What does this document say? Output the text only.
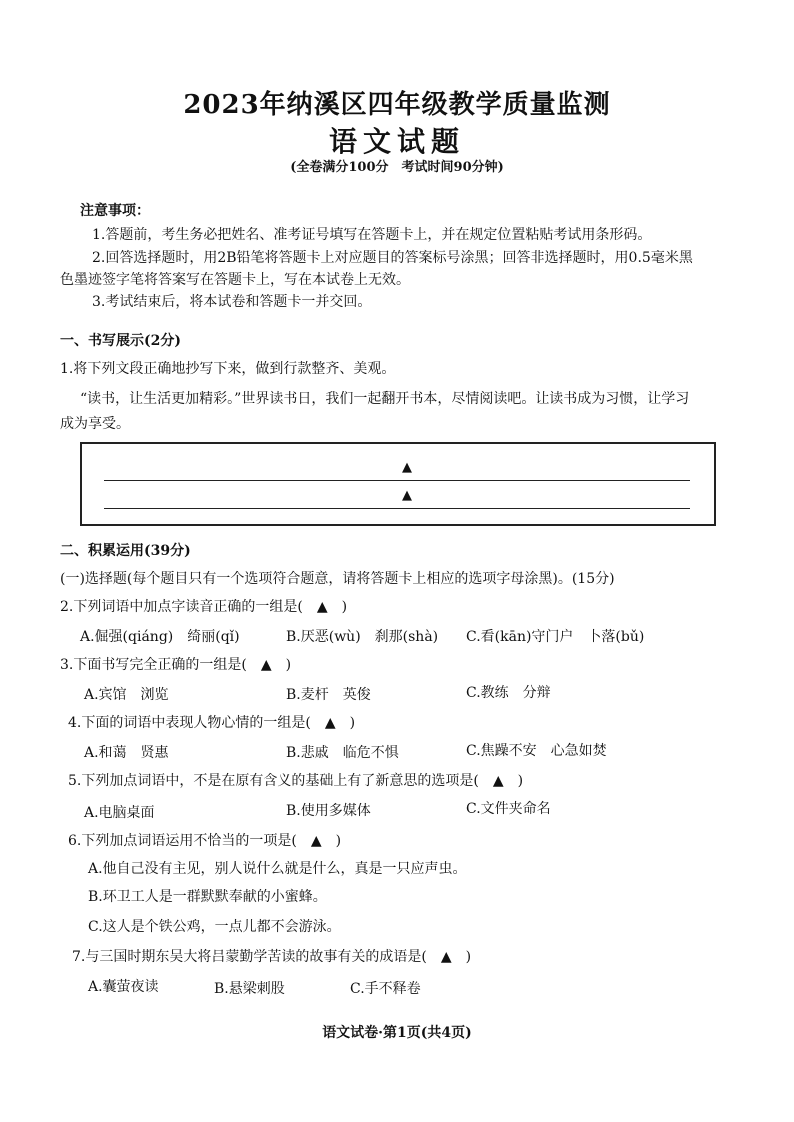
2023年纳溪区四年级教学质量监测
语文试题
(全卷满分100分　考试时间90分钟)
注意事项：
1.答题前，考生务必把姓名、准考证号填写在答题卡上，并在规定位置粘贴考试用条形码。
2.回答选择题时，用2B铅笔将答题卡上对应题目的答案标号涂黑；回答非选择题时，用0.5毫米黑
色墨迹签字笔将答案写在答题卡上，写在本试卷上无效。
3.考试结束后，将本试卷和答题卡一并交回。
一、书写展示(2分)
1.将下列文段正确地抄写下来，做到行款整齐、美观。
“读书，让生活更加精彩。”世界读书日，我们一起翻开书本，尽情阅读吧。让读书成为习惯，让学习
成为享受。
▲
▲
二、积累运用(39分)
(一)选择题(每个题目只有一个选项符合题意，请将答题卡上相应的选项字母涂黑)。(15分)
2.下列词语中加点字读音正确的一组是(　▲　)
A.倔强(qiáng)　绮丽(qǐ)	B.厌恶(wù)　刹那(shà) C.看(kān)守门户　卜落(bǔ)
3.下面书写完全正确的一组是(　▲　)
A.宾馆　浏览	B.麦杆　英俊	C.教练　分辩
4.下面的词语中表现人物心情的一组是(　▲　)
A.和蔼　贤惠	B.悲戚　临危不惧	C.焦躁不安　心急如焚
5.下列加点词语中，不是在原有含义的基础上有了新意思的选项是(　▲　)
A.电脑桌面	B.使用多媒体	C.文件夹命名
6.下列加点词语运用不恰当的一项是(　▲　)
A.他自己没有主见，别人说什么就是什么，真是一只应声虫。
B.环卫工人是一群默默奉献的小蜜蜂。
C.这人是个铁公鸡，一点儿都不会游泳。
7.与三国时期东吴大将吕蒙勤学苦读的故事有关的成语是(　▲　)
A.囊萤夜读	B.悬梁刺股	C.手不释卷
语文试卷·第1页(共4页)
